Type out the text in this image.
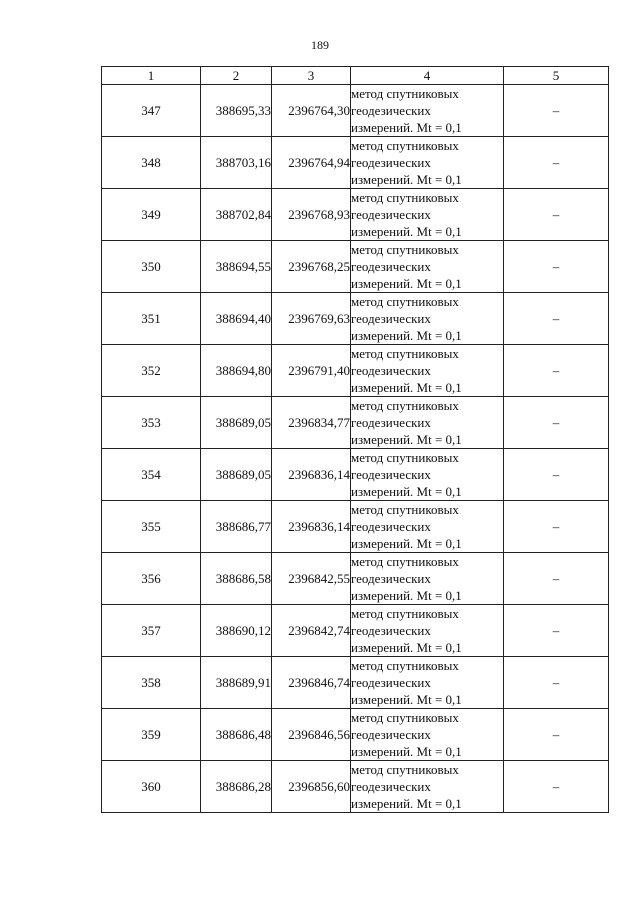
189
1	2	3	4	5
347	388695,33	2396764,30	метод спутниковых
геодезических
измерений. Mt = 0,1	–
348	388703,16	2396764,94	метод спутниковых
геодезических
измерений. Mt = 0,1	–
349	388702,84	2396768,93	метод спутниковых
геодезических
измерений. Mt = 0,1	–
350	388694,55	2396768,25	метод спутниковых
геодезических
измерений. Mt = 0,1	–
351	388694,40	2396769,63	метод спутниковых
геодезических
измерений. Mt = 0,1	–
352	388694,80	2396791,40	метод спутниковых
геодезических
измерений. Mt = 0,1	–
353	388689,05	2396834,77	метод спутниковых
геодезических
измерений. Mt = 0,1	–
354	388689,05	2396836,14	метод спутниковых
геодезических
измерений. Mt = 0,1	–
355	388686,77	2396836,14	метод спутниковых
геодезических
измерений. Mt = 0,1	–
356	388686,58	2396842,55	метод спутниковых
геодезических
измерений. Mt = 0,1	–
357	388690,12	2396842,74	метод спутниковых
геодезических
измерений. Mt = 0,1	–
358	388689,91	2396846,74	метод спутниковых
геодезических
измерений. Mt = 0,1	–
359	388686,48	2396846,56	метод спутниковых
геодезических
измерений. Mt = 0,1	–
360	388686,28	2396856,60	метод спутниковых
геодезических
измерений. Mt = 0,1	–
